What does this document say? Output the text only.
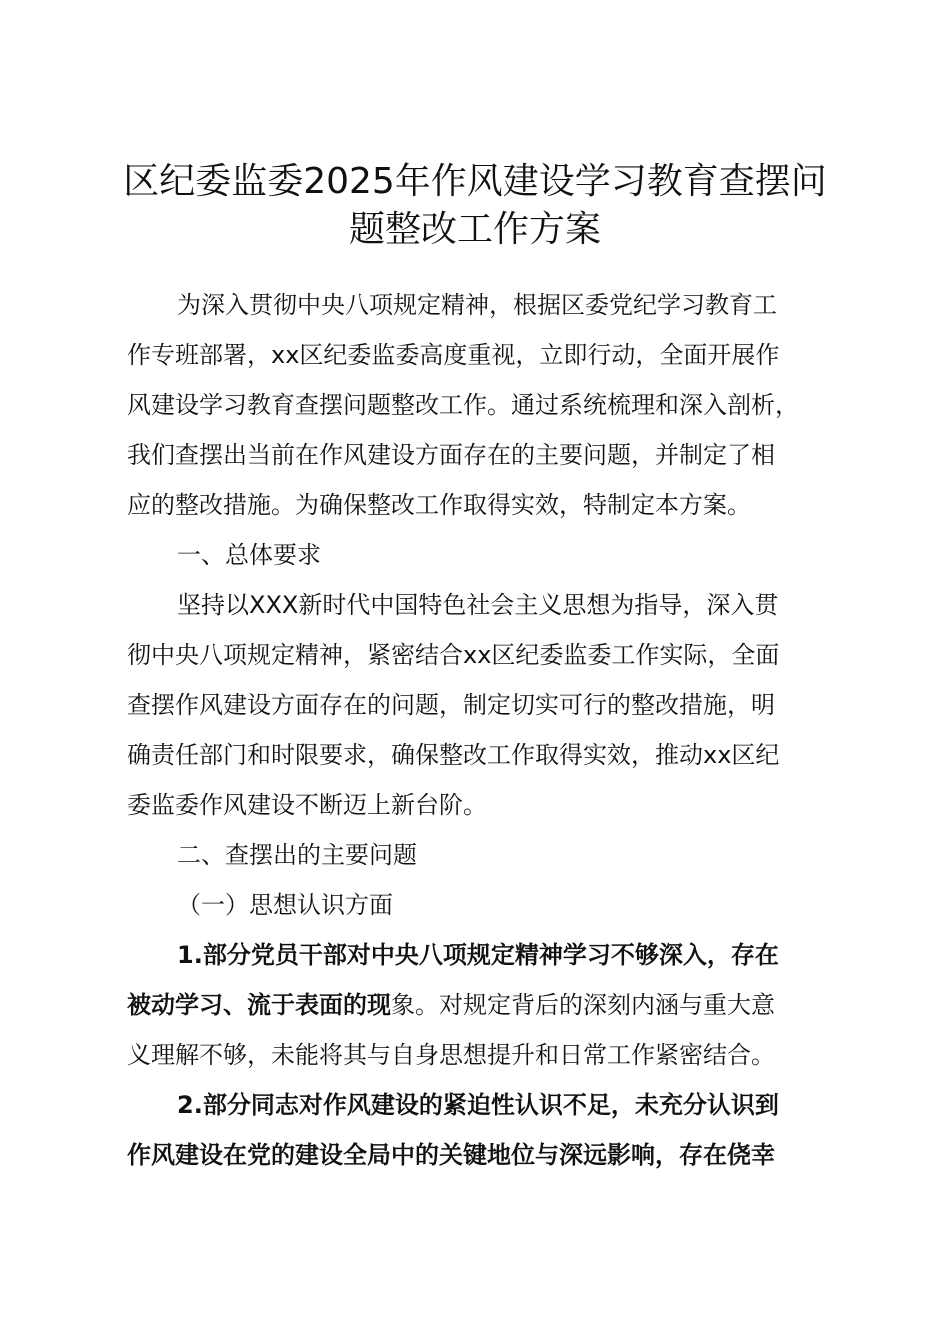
区纪委监委2025年作风建设学习教育查摆问
题整改工作方案
为深入贯彻中央八项规定精神，根据区委党纪学习教育工
作专班部署，xx区纪委监委高度重视，立即行动，全面开展作
风建设学习教育查摆问题整改工作。通过系统梳理和深入剖析，
我们查摆出当前在作风建设方面存在的主要问题，并制定了相
应的整改措施。为确保整改工作取得实效，特制定本方案。
一、总体要求
坚持以XXX新时代中国特色社会主义思想为指导，深入贯
彻中央八项规定精神，紧密结合xx区纪委监委工作实际，全面
查摆作风建设方面存在的问题，制定切实可行的整改措施，明
确责任部门和时限要求，确保整改工作取得实效，推动xx区纪
委监委作风建设不断迈上新台阶。
二、查摆出的主要问题
（一）思想认识方面
1.部分党员干部对中央八项规定精神学习不够深入，存在
被动学习、流于表面的现象。对规定背后的深刻内涵与重大意
义理解不够，未能将其与自身思想提升和日常工作紧密结合。
2.部分同志对作风建设的紧迫性认识不足，未充分认识到
作风建设在党的建设全局中的关键地位与深远影响，存在侥幸
